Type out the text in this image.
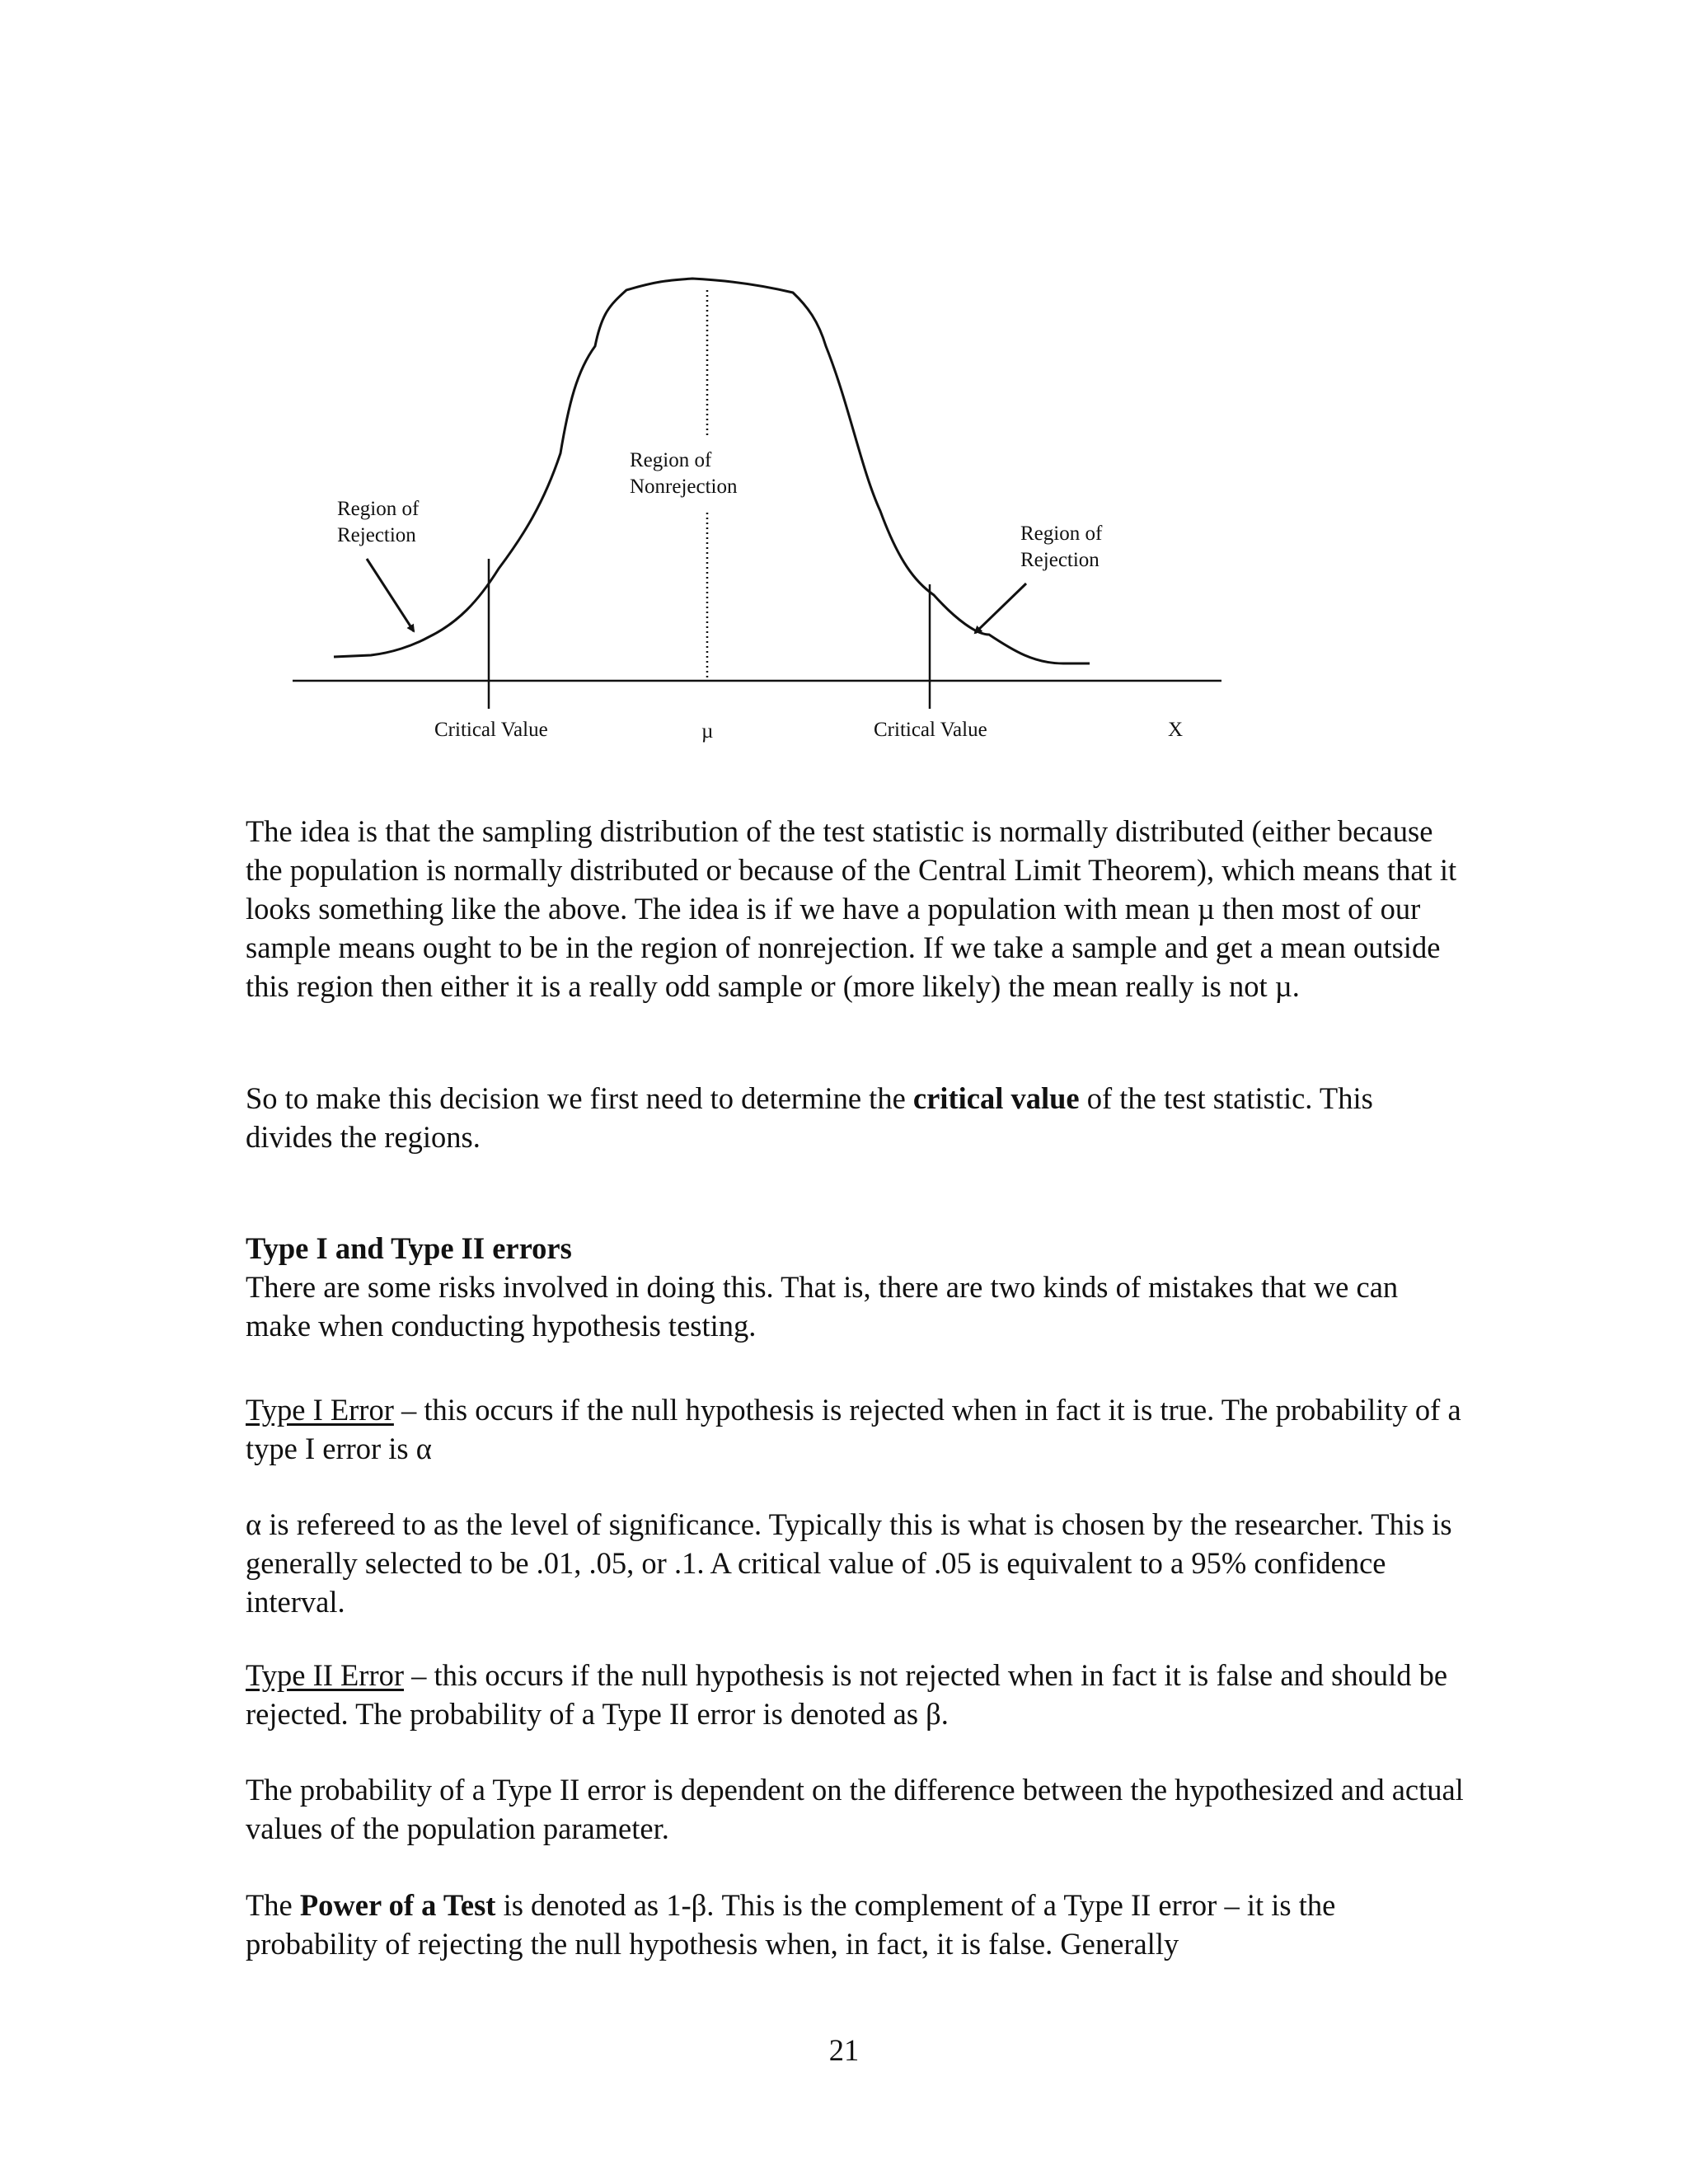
Region of
Rejection
Region of
Nonrejection
Region of
Rejection
Critical Value	µ	Critical Value	X

The idea is that the sampling distribution of the test statistic is normally distributed (either because the population is normally distributed or because of the Central Limit Theorem), which means that it looks something like the above. The idea is if we have a population with mean µ then most of our sample means ought to be in the region of nonrejection. If we take a sample and get a mean outside this region then either it is a really odd sample or (more likely) the mean really is not µ.

So to make this decision we first need to determine the critical value of the test statistic. This divides the regions.

Type I and Type II errors

There are some risks involved in doing this. That is, there are two kinds of mistakes that we can make when conducting hypothesis testing.

Type I Error – this occurs if the null hypothesis is rejected when in fact it is true. The probability of a type I error is α

α is refereed to as the level of significance. Typically this is what is chosen by the researcher. This is generally selected to be .01, .05, or .1. A critical value of .05 is equivalent to a 95% confidence interval.

Type II Error – this occurs if the null hypothesis is not rejected when in fact it is false and should be rejected. The probability of a Type II error is denoted as β.

The probability of a Type II error is dependent on the difference between the hypothesized and actual values of the population parameter.

The Power of a Test is denoted as 1-β. This is the complement of a Type II error – it is the probability of rejecting the null hypothesis when, in fact, it is false. Generally

21
